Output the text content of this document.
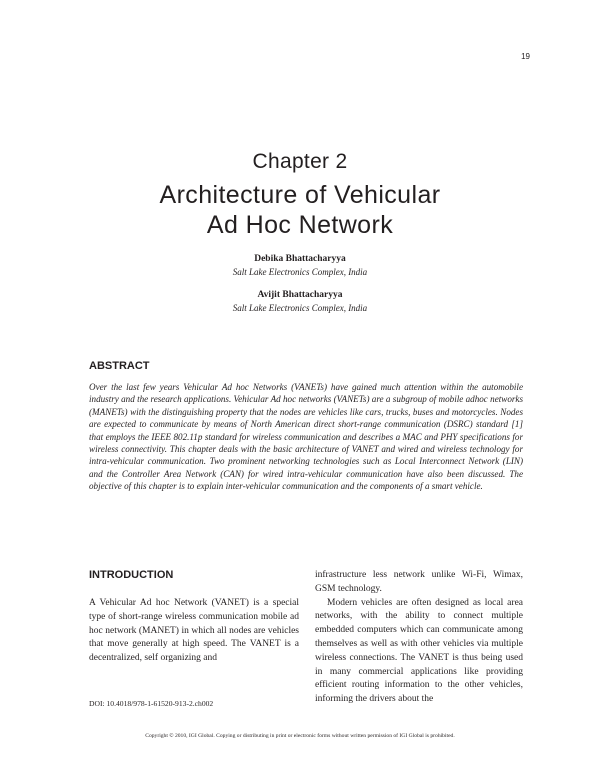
19
Chapter 2
Architecture of Vehicular
Ad Hoc Network
Debika Bhattacharyya
Salt Lake Electronics Complex, India
Avijit Bhattacharyya
Salt Lake Electronics Complex, India
ABSTRACT
Over the last few years Vehicular Ad hoc Networks (VANETs) have gained much attention within the automobile industry and the research applications. Vehicular Ad hoc networks (VANETs) are a subgroup of mobile adhoc networks (MANETs) with the distinguishing property that the nodes are vehicles like cars, trucks, buses and motorcycles. Nodes are expected to communicate by means of North American direct short-range communication (DSRC) standard [1] that employs the IEEE 802.11p standard for wireless communication and describes a MAC and PHY specifications for wireless connectivity. This chapter deals with the basic architecture of VANET and wired and wireless technology for intra-vehicular communication. Two prominent networking technologies such as Local Interconnect Network (LIN) and the Controller Area Network (CAN) for wired intra-vehicular communication have also been discussed. The objective of this chapter is to explain inter-vehicular communication and the components of a smart vehicle.
INTRODUCTION

A Vehicular Ad hoc Network (VANET) is a special type of short-range wireless communication mobile ad hoc network (MANET) in which all nodes are vehicles that move generally at high speed. The VANET is a decentralized, self organizing and

infrastructure less network unlike Wi-Fi, Wimax, GSM technology.

Modern vehicles are often designed as local area networks, with the ability to connect multiple embedded computers which can communicate among themselves as well as with other vehicles via multiple wireless connections. The VANET is thus being used in many commercial applications like providing efficient routing information to the other vehicles, informing the drivers about the

DOI: 10.4018/978-1-61520-913-2.ch002
Copyright © 2010, IGI Global. Copying or distributing in print or electronic forms without written permission of IGI Global is prohibited.
